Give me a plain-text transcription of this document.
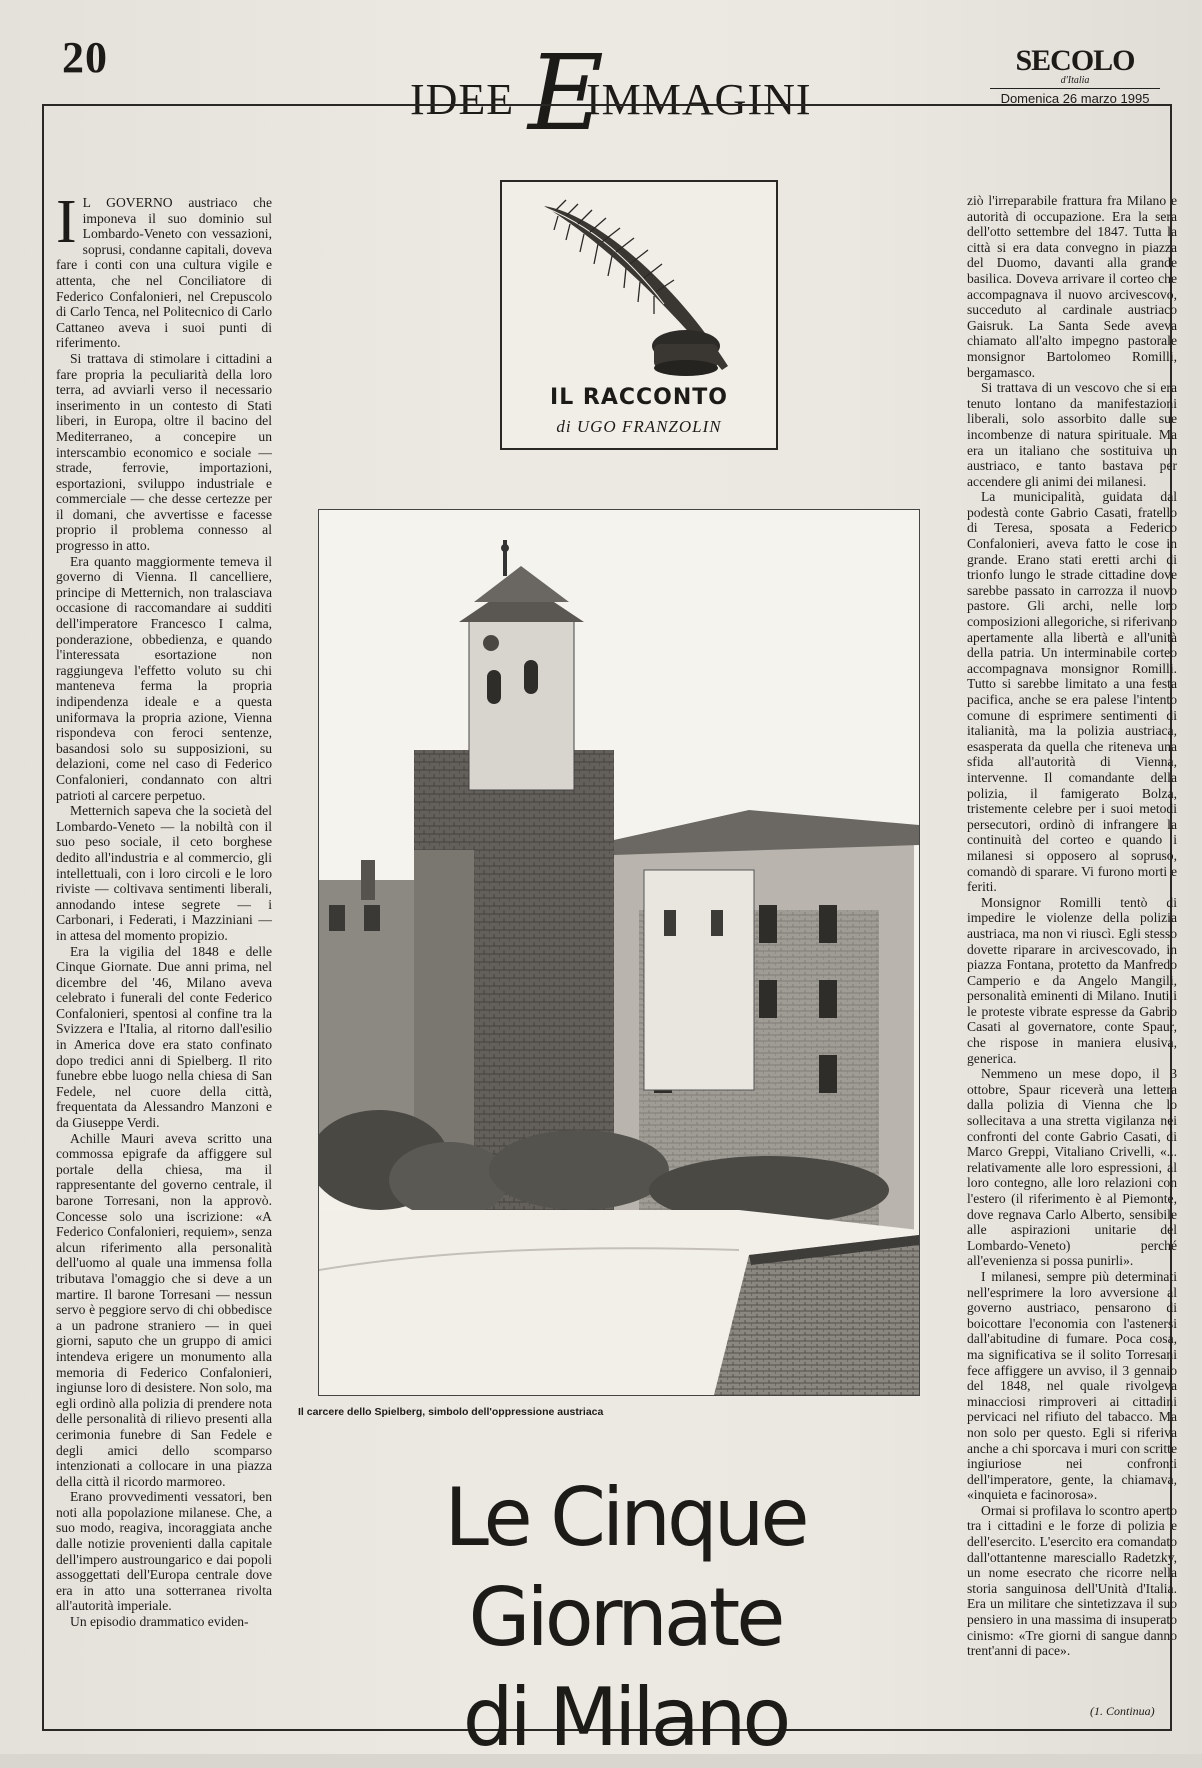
20
IDEE E
IMMAGINI
SECOLO
d'Italia
Domenica 26 marzo 1995

I L GOVERNO austriaco che imponeva il suo dominio sul Lombardo-Veneto con vessazioni, soprusi, condanne capitali, doveva fare i conti con una cultura vigile e attenta, che nel Conciliatore di Federico Confalonieri, nel Crepuscolo di Carlo Tenca, nel Politecnico di Carlo Cattaneo aveva i suoi punti di riferimento.

Si trattava di stimolare i cittadini a fare propria la peculiarità della loro terra, ad avviarli verso il necessario inserimento in un contesto di Stati liberi, in Europa, oltre il bacino del Mediterraneo, a concepire un interscambio economico e sociale — strade, ferrovie, importazioni, esportazioni, sviluppo industriale e commerciale — che desse certezze per il domani, che avvertisse e facesse proprio il problema connesso al progresso in atto.

Era quanto maggiormente temeva il governo di Vienna. Il cancelliere, principe di Metternich, non tralasciava occasione di raccomandare ai sudditi dell'imperatore Francesco I calma, ponderazione, obbedienza, e quando l'interessata esortazione non raggiungeva l'effetto voluto su chi manteneva ferma la propria indipendenza ideale e a questa uniformava la propria azione, Vienna rispondeva con feroci sentenze, basandosi solo su supposizioni, su delazioni, come nel caso di Federico Confalonieri, condannato con altri patrioti al carcere perpetuo.

Metternich sapeva che la società del Lombardo-Veneto — la nobiltà con il suo peso sociale, il ceto borghese dedito all'industria e al commercio, gli intellettuali, con i loro circoli e le loro riviste — coltivava sentimenti liberali, annodando intese segrete — i Carbonari, i Federati, i Mazziniani — in attesa del momento propizio.

Era la vigilia del 1848 e delle Cinque Giornate. Due anni prima, nel dicembre del '46, Milano aveva celebrato i funerali del conte Federico Confalonieri, spentosi al confine tra la Svizzera e l'Italia, al ritorno dall'esilio in America dove era stato confinato dopo tredici anni di Spielberg. Il rito funebre ebbe luogo nella chiesa di San Fedele, nel cuore della città, frequentata da Alessandro Manzoni e da Giuseppe Verdi.

Achille Mauri aveva scritto una commossa epigrafe da affiggere sul portale della chiesa, ma il rappresentante del governo centrale, il barone Torresani, non la approvò. Concesse solo una iscrizione: «A Federico Confalonieri, requiem», senza alcun riferimento alla personalità dell'uomo al quale una immensa folla tributava l'omaggio che si deve a un martire. Il barone Torresani — nessun servo è peggiore servo di chi obbedisce a un padrone straniero — in quei giorni, saputo che un gruppo di amici intendeva erigere un monumento alla memoria di Federico Confalonieri, ingiunse loro di desistere. Non solo, ma egli ordinò alla polizia di prendere nota delle personalità di rilievo presenti alla cerimonia funebre di San Fedele e degli amici dello scomparso intenzionati a collocare in una piazza della città il ricordo marmoreo.

Erano provvedimenti vessatori, ben noti alla popolazione milanese. Che, a suo modo, reagiva, incoraggiata anche dalle notizie provenienti dalla capitale dell'impero austroungarico e dai popoli assoggettati dell'Europa centrale dove era in atto una sotterranea rivolta all'autorità imperiale.

Un episodio drammatico eviden-

IL RACCONTO
di UGO FRANZOLIN
Il carcere dello Spielberg, simbolo dell'oppressione austriaca
Le Cinque Giornate
di Milano

ziò l'irreparabile frattura fra Milano e autorità di occupazione. Era la sera dell'otto settembre del 1847. Tutta la città si era data convegno in piazza del Duomo, davanti alla grande basilica. Doveva arrivare il corteo che accompagnava il nuovo arcivescovo, succeduto al cardinale austriaco Gaisruk. La Santa Sede aveva chiamato all'alto impegno pastorale monsignor Bartolomeo Romilli, bergamasco.

Si trattava di un vescovo che si era tenuto lontano da manifestazioni liberali, solo assorbito dalle sue incombenze di natura spirituale. Ma era un italiano che sostituiva un austriaco, e tanto bastava per accendere gli animi dei milanesi.

La municipalità, guidata dal podestà conte Gabrio Casati, fratello di Teresa, sposata a Federico Confalonieri, aveva fatto le cose in grande. Erano stati eretti archi di trionfo lungo le strade cittadine dove sarebbe passato in carrozza il nuovo pastore. Gli archi, nelle loro composizioni allegoriche, si riferivano apertamente alla libertà e all'unità della patria. Un interminabile corteo accompagnava monsignor Romilli. Tutto si sarebbe limitato a una festa pacifica, anche se era palese l'intento comune di esprimere sentimenti di italianità, ma la polizia austriaca, esasperata da quella che riteneva una sfida all'autorità di Vienna, intervenne. Il comandante della polizia, il famigerato Bolza, tristemente celebre per i suoi metodi persecutori, ordinò di infrangere la continuità del corteo e quando i milanesi si opposero al sopruso, comandò di sparare. Vi furono morti e feriti.

Monsignor Romilli tentò di impedire le violenze della polizia austriaca, ma non vi riuscì. Egli stesso dovette riparare in arcivescovado, in piazza Fontana, protetto da Manfredo Camperio e da Angelo Mangili, personalità eminenti di Milano. Inutili le proteste vibrate espresse da Gabrio Casati al governatore, conte Spaur, che rispose in maniera elusiva, generica.

Nemmeno un mese dopo, il 3 ottobre, Spaur riceverà una lettera dalla polizia di Vienna che lo sollecitava a una stretta vigilanza nei confronti del conte Gabrio Casati, di Marco Greppi, Vitaliano Crivelli, «... relativamente alle loro espressioni, al loro contegno, alle loro relazioni con l'estero (il riferimento è al Piemonte, dove regnava Carlo Alberto, sensibile alle aspirazioni unitarie del Lombardo-Veneto) perché all'evenienza si possa punirli».

I milanesi, sempre più determinati nell'esprimere la loro avversione al governo austriaco, pensarono di boicottare l'economia con l'astenersi dall'abitudine di fumare. Poca cosa, ma significativa se il solito Torresani fece affiggere un avviso, il 3 gennaio del 1848, nel quale rivolgeva minacciosi rimproveri ai cittadini pervicaci nel rifiuto del tabacco. Ma non solo per questo. Egli si riferiva anche a chi sporcava i muri con scritte ingiuriose nei confronti dell'imperatore, gente, la chiamava, «inquieta e facinorosa».

Ormai si profilava lo scontro aperto tra i cittadini e le forze di polizia e dell'esercito. L'esercito era comandato dall'ottantenne maresciallo Radetzky, un nome esecrato che ricorre nella storia sanguinosa dell'Unità d'Italia. Era un militare che sintetizzava il suo pensiero in una massima di insuperato cinismo: «Tre giorni di sangue danno trent'anni di pace».

(1. Continua)
